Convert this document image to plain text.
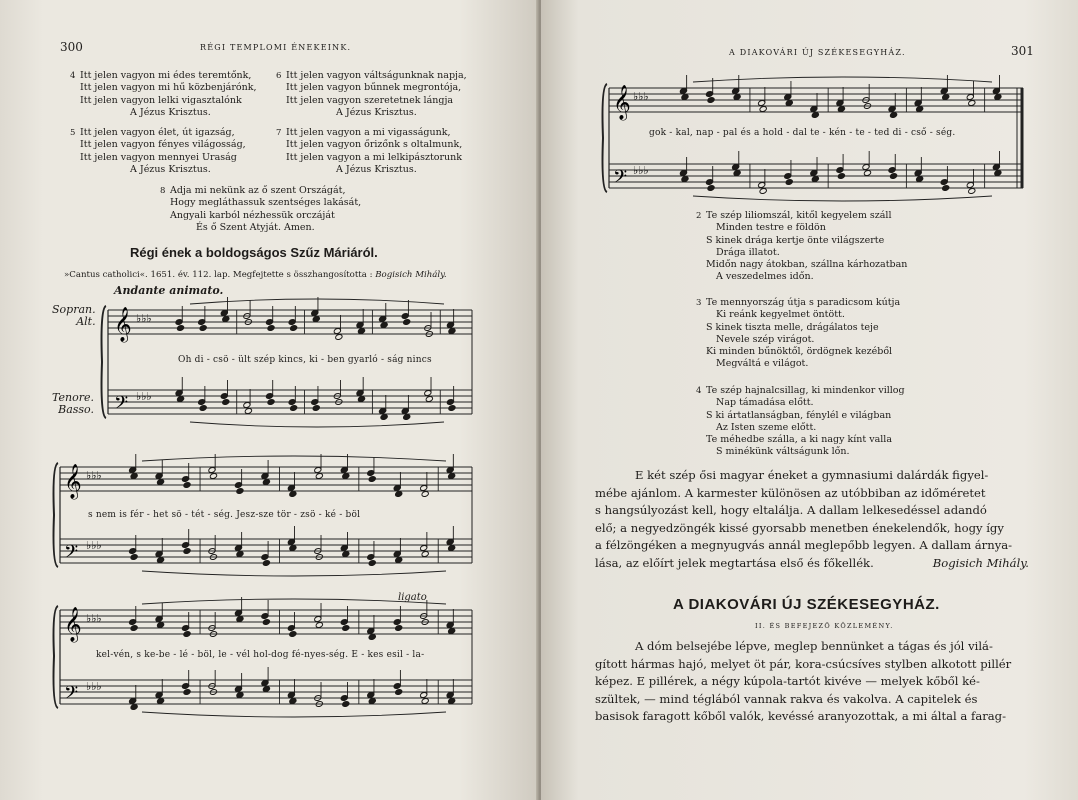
300	RÉGI TEMPLOMI ÉNEKEINK.
4 Itt jelen vagyon mi édes teremtőnk,
Itt jelen vagyon mi hű közbenjárónk,
Itt jelen vagyon lelki vigasztalónk
A Jézus Krisztus.
6 Itt jelen vagyon váltságunknak napja,
Itt jelen vagyon bűnnek megrontója,
Itt jelen vagyon szeretetnek lángja
A Jézus Krisztus.
5 Itt jelen vagyon élet, út igazság,
Itt jelen vagyon fényes világosság,
Itt jelen vagyon mennyei Uraság
A Jézus Krisztus.
7 Itt jelen vagyon a mi vigasságunk,
Itt jelen vagyon őrizőnk s oltalmunk,
Itt jelen vagyon a mi lelkipásztorunk
A Jézus Krisztus.
8 Adja mi nekünk az ő szent Országát,
Hogy megláthassuk szentséges lakását,
Angyali karból nézhessük orczáját
És ő Szent Atyját. Amen.
Régi ének a boldogságos Szűz Máriáról.
»Cantus catholici«. 1651. év. 112. lap. Megfejtette s összhangosította : Bogisich Mihály.
Andante animato.
Sopran.
Alt.
Tenore.
Basso.
𝄞
𝄢
♭♭♭
♭♭♭
Oh di - csö - ült szép kincs, ki - ben gyarló - ság nincs
𝄞
𝄢
♭♭♭
♭♭♭
s nem is fér - het sö - tét - ség. Jesz-sze tör - zsö - ké - böl
𝄞
𝄢
♭♭♭
♭♭♭
ligato
kel-vén, s ke-be - lé - böl, le - vél hol-dog fé-nyes-ség. E - kes esil - la-
A DIAKOVÁRI ÚJ SZÉKESEGYHÁZ.	301
𝄞
𝄢
♭♭♭
♭♭♭
gok - kal, nap - pal és a hold - dal te - kén - te - ted di - cső - ség.
2 Te szép liliomszál, kitől kegyelem száll
Minden testre e földön
S kinek drága kertje önte világszerte
Drága illatot.
Midőn nagy átokban, szállna kárhozatban
A veszedelmes időn.
3 Te mennyország útja s paradicsom kútja
Ki reánk kegyelmet öntött.
S kinek tiszta melle, drágálatos teje
Nevele szép virágot.
Ki minden bűnöktől, ördögnek kezéből
Megváltá e világot.
4 Te szép hajnalcsillag, ki mindenkor villog
Nap támadása előtt.
S ki ártatlanságban, fénylél e világban
Az Isten szeme előtt.
Te méhedbe szálla, a ki nagy kínt valla
S minékünk váltságunk lőn.
E két szép ősi magyar éneket a gymnasiumi dalárdák figyel-
mébe ajánlom. A karmester különösen az utóbbiban az időméretet
s hangsúlyozást kell, hogy eltalálja. A dallam lelkesedéssel adandó
elő; a negyedzöngék kissé gyorsabb menetben énekelendők, hogy így
a félzöngéken a megnyugvás annál meglepőbb legyen. A dallam árnya-
lása, az előírt jelek megtartása első és főkellék.	Bogisich Mihály.
A DIAKOVÁRI ÚJ SZÉKESEGYHÁZ.
II. ÉS BEFEJEZŐ KÖZLEMÉNY.
A dóm belsejébe lépve, meglep bennünket a tágas és jól vilá-
gított hármas hajó, melyet öt pár, kora-csúcsíves stylben alkotott pillér
képez. E pillérek, a négy kúpola-tartót kivéve — melyek kőből ké-
szültek, — mind téglából vannak rakva és vakolva. A capitelek és
basisok faragott kőből valók, kevéssé aranyozottak, a mi által a farag-
